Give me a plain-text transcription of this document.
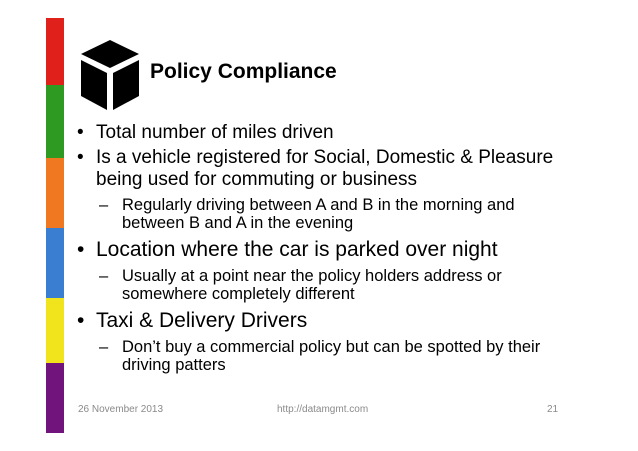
Policy Compliance
• Total number of miles driven
• Is a vehicle registered for Social, Domestic & Pleasure being used for commuting or business
– Regularly driving between A and B in the morning and between B and A in the evening
• Location where the car is parked over night
– Usually at a point near the policy holders address or somewhere completely different
• Taxi & Delivery Drivers
– Don’t buy a commercial policy but can be spotted by their driving patters
26 November 2013	http://datamgmt.com	21
